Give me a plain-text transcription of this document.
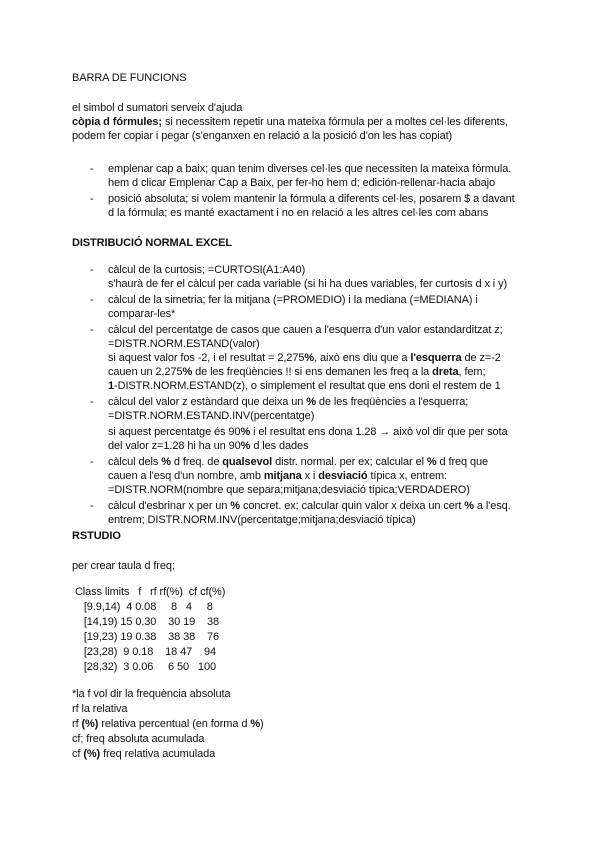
BARRA DE FUNCIONS
el simbol d sumatori serveix d'ajuda
còpia d fórmules; si necessitem repetir una mateixa fórmula per a moltes cel·les diferents,
podem fer copiar i pegar (s'enganxen en relació a la posició d'on les has copiat)
- emplenar cap a baix; quan tenim diverses cel·les que necessiten la mateixa fórmula.
hem d clicar Emplenar Cap a Baix, per fer-ho hem d; edición-rellenar-hacia abajo
- posició absoluta; si volem mantenir la fórmula a diferents cel·les, posarem $ a davant
d la fórmula; es manté exactament i no en relació a les altres cel·les com abans
DISTRIBUCIÓ NORMAL EXCEL
- càlcul de la curtosis; =CURTOSI(A1:A40)
s'haurà de fer el càlcul per cada variable (si hi ha dues variables, fer curtosis d x i y)
- càlcul de la simetria; fer la mitjana (=PROMEDIO) i la mediana (=MEDIANA) i
comparar-les*
- càlcul del percentatge de casos que cauen a l'esquerra d'un valor estandarditzat z;
=DISTR.NORM.ESTAND(valor)
si aquest valor fos -2, i el resultat = 2,275%, això ens diu que a l'esquerra de z=-2
cauen un 2,275% de les freqüències !! si ens demanen les freq a la dreta, fem;
1-DISTR.NORM.ESTAND(z), o simplement el resultat que ens doni el restem de 1
- càlcul del valor z estàndard que deixa un % de les freqüències a l'esquerra;
=DISTR.NORM.ESTAND.INV(percentatge)
si aquest percentatge és 90% i el resultat ens dona 1.28 → això vol dir que per sota
del valor z=1.28 hi ha un 90% d les dades
- càlcul dels % d freq. de qualsevol distr. normal. per ex; calcular el % d freq que
cauen a l'esq d'un nombre, amb mitjana x i desviació típica x, entrem:
=DISTR.NORM(nombre que separa;mitjana;desviació típica;VERDADERO)
- càlcul d'esbrinar x per un % concret. ex; calcular quin valor x deixa un cert % a l'esq.
entrem; DISTR.NORM.INV(percentatge;mitjana;desviació típica)
RSTUDIO
per crear taula d freq;
Class limits   f   rf rf(%)  cf cf(%)
[9.9,14)  4 0.08     8   4     8
[14,19) 15 0.30    30 19    38
[19,23) 19 0.38    38 38    76
[23,28)  9 0.18    18 47    94
[28,32)  3 0.06     6 50   100
*la f vol dir la frequència absoluta
rf la relativa
rf (%) relativa percentual (en forma d %)
cf; freq absoluta acumulada
cf (%) freq relativa acumulada
